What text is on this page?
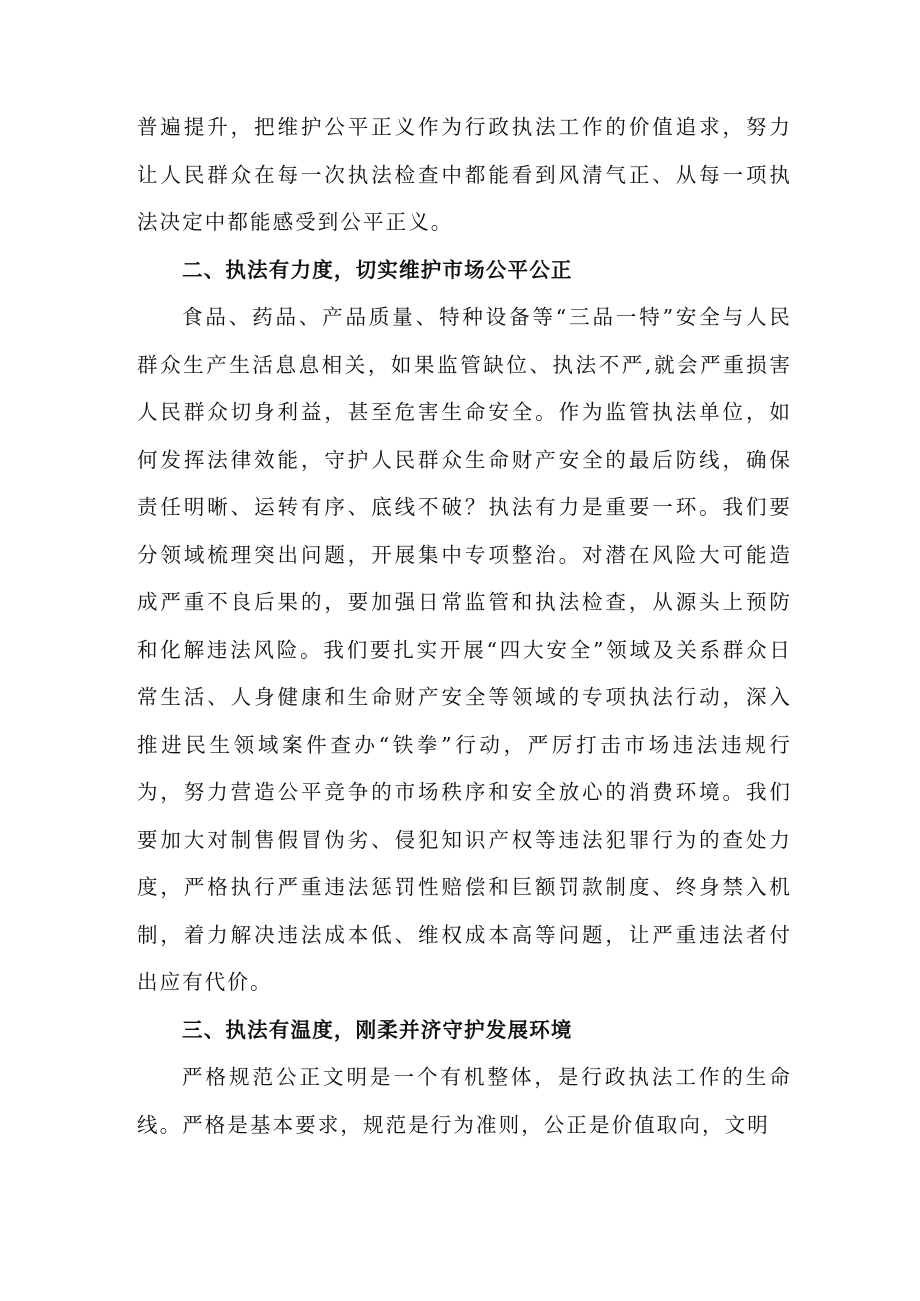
普遍提升，把维护公平正义作为行政执法工作的价值追求，努力让人民群众在每一次执法检查中都能看到风清气正、从每一项执法决定中都能感受到公平正义。

二、执法有力度，切实维护市场公平公正

食品、药品、产品质量、特种设备等“三品一特”安全与人民群众生产生活息息相关，如果监管缺位、执法不严,就会严重损害人民群众切身利益，甚至危害生命安全。作为监管执法单位，如何发挥法律效能，守护人民群众生命财产安全的最后防线，确保责任明晰、运转有序、底线不破？执法有力是重要一环。我们要分领域梳理突出问题，开展集中专项整治。对潜在风险大可能造成严重不良后果的，要加强日常监管和执法检查，从源头上预防和化解违法风险。我们要扎实开展“四大安全”领域及关系群众日常生活、人身健康和生命财产安全等领域的专项执法行动，深入推进民生领域案件查办“铁拳”行动，严厉打击市场违法违规行为，努力营造公平竞争的市场秩序和安全放心的消费环境。我们要加大对制售假冒伪劣、侵犯知识产权等违法犯罪行为的查处力度，严格执行严重违法惩罚性赔偿和巨额罚款制度、终身禁入机制，着力解决违法成本低、维权成本高等问题，让严重违法者付出应有代价。

三、执法有温度，刚柔并济守护发展环境

严格规范公正文明是一个有机整体，是行政执法工作的生命线。严格是基本要求，规范是行为准则，公正是价值取向，文明
